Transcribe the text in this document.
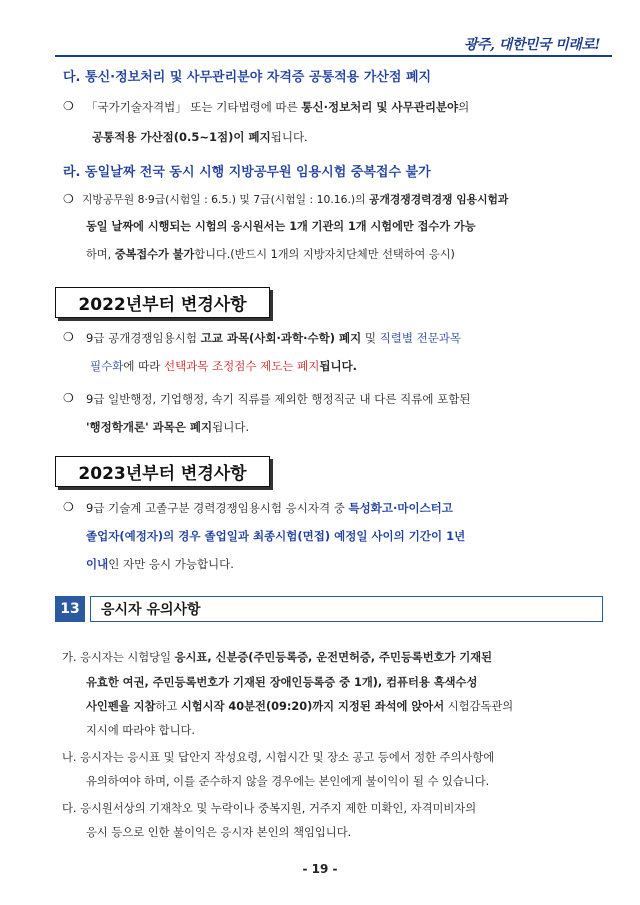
광주, 대한민국 미래로!
다. 통신·정보처리 및 사무관리분야 자격증 공통적용 가산점 폐지
❍ 「국가기술자격법」 또는 기타법령에 따른 통신·정보처리 및 사무관리분야의
공통적용 가산점(0.5~1점)이 폐지됩니다.
라. 동일날짜 전국 동시 시행 지방공무원 임용시험 중복접수 불가
❍ 지방공무원 8·9급(시험일 : 6.5.) 및 7급(시험일 : 10.16.)의 공개경쟁경력경쟁 임용시험과
동일 날짜에 시행되는 시험의 응시원서는 1개 기관의 1개 시험에만 접수가 가능
하며, 중복접수가 불가합니다.(반드시 1개의 지방자치단체만 선택하여 응시)
2022년부터 변경사항
❍ 9급 공개경쟁임용시험 고교 과목(사회·과학·수학) 폐지 및 직렬별 전문과목
필수화에 따라 선택과목 조정점수 제도는 폐지됩니다.
❍ 9급 일반행정, 기업행정, 속기 직류를 제외한 행정직군 내 다른 직류에 포함된
'행정학개론' 과목은 폐지됩니다.
2023년부터 변경사항
❍ 9급 기술계 고졸구분 경력경쟁임용시험 응시자격 중 특성화고·마이스터고
졸업자(예정자)의 경우 졸업일과 최종시험(면접) 예정일 사이의 기간이 1년
이내인 자만 응시 가능합니다.
13	응시자 유의사항
가. 응시자는 시험당일 응시표, 신분증(주민등록증, 운전면허증, 주민등록번호가 기재된
유효한 여권, 주민등록번호가 기재된 장애인등록증 중 1개), 컴퓨터용 흑색수성
사인펜을 지참하고 시험시작 40분전(09:20)까지 지정된 좌석에 앉아서 시험감독관의
지시에 따라야 합니다.
나. 응시자는 응시표 및 답안지 작성요령, 시험시간 및 장소 공고 등에서 정한 주의사항에
유의하여야 하며, 이를 준수하지 않을 경우에는 본인에게 불이익이 될 수 있습니다.
다. 응시원서상의 기재착오 및 누락이나 중복지원, 거주지 제한 미확인, 자격미비자의
응시 등으로 인한 불이익은 응시자 본인의 책임입니다.
- 19 -
